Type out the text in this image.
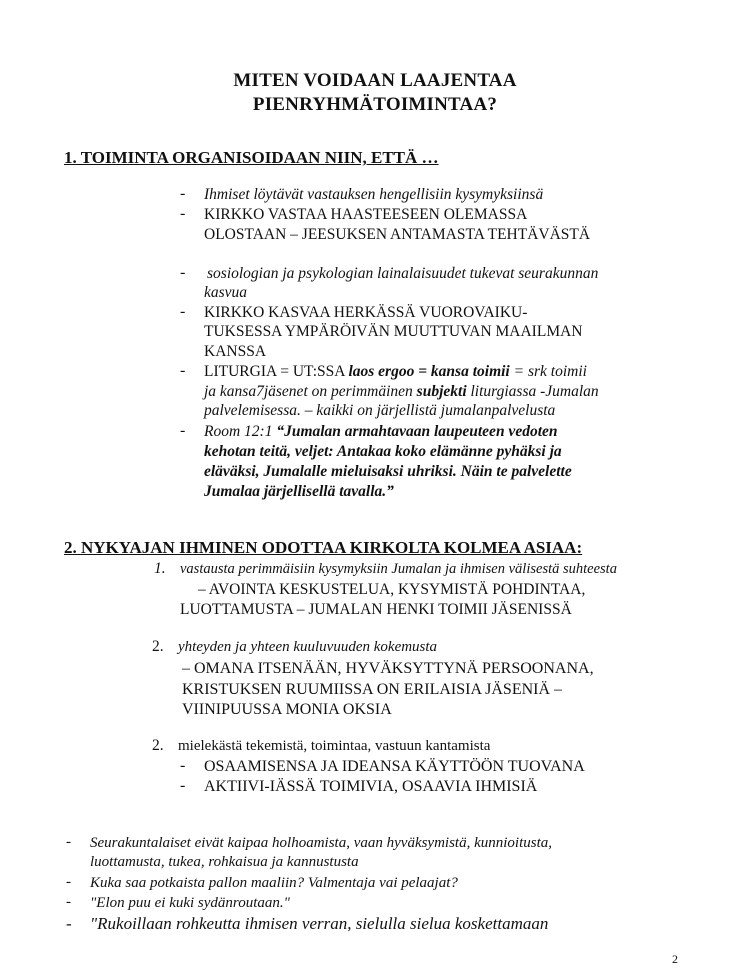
MITEN VOIDAAN LAAJENTAA
PIENRYHMÄTOIMINTAA?
1. TOIMINTA ORGANISOIDAAN NIIN, ETTÄ …
- Ihmiset löytävät vastauksen hengellisiin kysymyksiinsä
- KIRKKO VASTAA HAASTEESEEN OLEMASSA
OLOSTAAN – JEESUKSEN ANTAMASTA TEHTÄVÄSTÄ
- sosiologian ja psykologian lainalaisuudet tukevat seurakunnan
kasvua
- KIRKKO KASVAA HERKÄSSÄ VUOROVAIKU-
TUKSESSA YMPÄRÖIVÄN MUUTTUVAN MAAILMAN
KANSSA
- LITURGIA = UT:SSA laos ergoo = kansa toimii = srk toimii
ja kansa7jäsenet on perimmäinen subjekti liturgiassa -Jumalan
palvelemisessa. – kaikki on järjellistä jumalanpalvelusta
- Room 12:1 “Jumalan armahtavaan laupeuteen vedoten
kehotan teitä, veljet: Antakaa koko elämänne pyhäksi ja
eläväksi, Jumalalle mieluisaksi uhriksi. Näin te palvelette
Jumalaa järjellisellä tavalla.”
2. NYKYAJAN IHMINEN ODOTTAA KIRKOLTA KOLMEA ASIAA:
1. vastausta perimmäisiin kysymyksiin Jumalan ja ihmisen välisestä suhteesta
– AVOINTA KESKUSTELUA, KYSYMISTÄ POHDINTAA,
LUOTTAMUSTA – JUMALAN HENKI TOIMII JÄSENISSÄ
2. yhteyden ja yhteen kuuluvuuden kokemusta
– OMANA ITSENÄÄN, HYVÄKSYTTYNÄ PERSOONANA,
KRISTUKSEN RUUMIISSA ON ERILAISIA JÄSENIÄ –
VIINIPUUSSA MONIA OKSIA
2. mielekästä tekemistä, toimintaa, vastuun kantamista
- OSAAMISENSA JA IDEANSA KÄYTTÖÖN TUOVANA
- AKTIIVI-IÄSSÄ TOIMIVIA, OSAAVIA IHMISIÄ
- Seurakuntalaiset eivät kaipaa holhoamista, vaan hyväksymistä, kunnioitusta,
luottamusta, tukea, rohkaisua ja kannustusta
- Kuka saa potkaista pallon maaliin? Valmentaja vai pelaajat?
- "Elon puu ei kuki sydänroutaan."
- "Rukoillaan rohkeutta ihmisen verran, sielulla sielua koskettamaan
2
